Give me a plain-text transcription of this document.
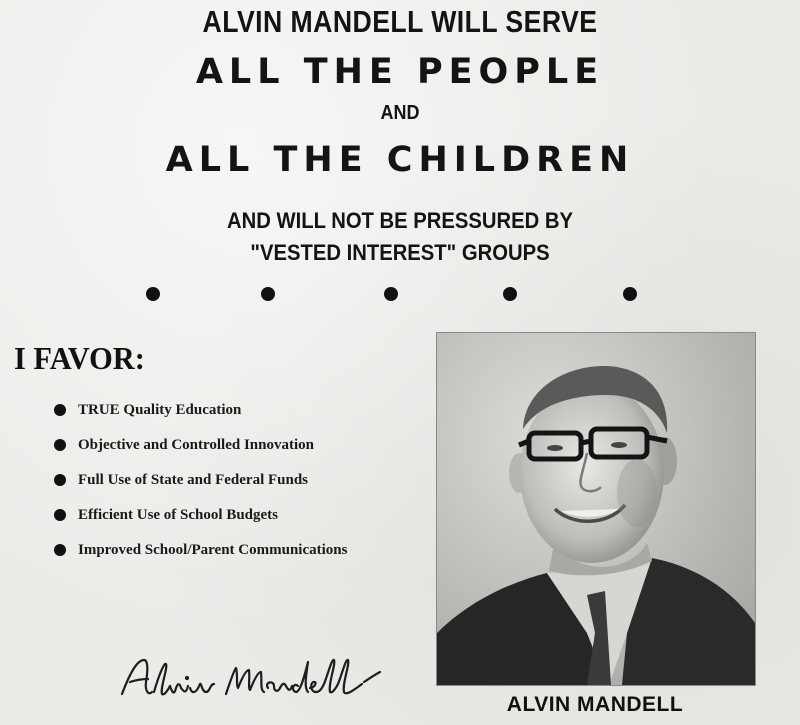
ALVIN MANDELL WILL SERVE
ALL THE PEOPLE
AND
ALL THE CHILDREN
AND WILL NOT BE PRESSURED BY
"VESTED INTEREST" GROUPS
I FAVOR:
TRUE Quality Education
Objective and Controlled Innovation
Full Use of State and Federal Funds
Efficient Use of School Budgets
Improved School/Parent Communications
ALVIN MANDELL
